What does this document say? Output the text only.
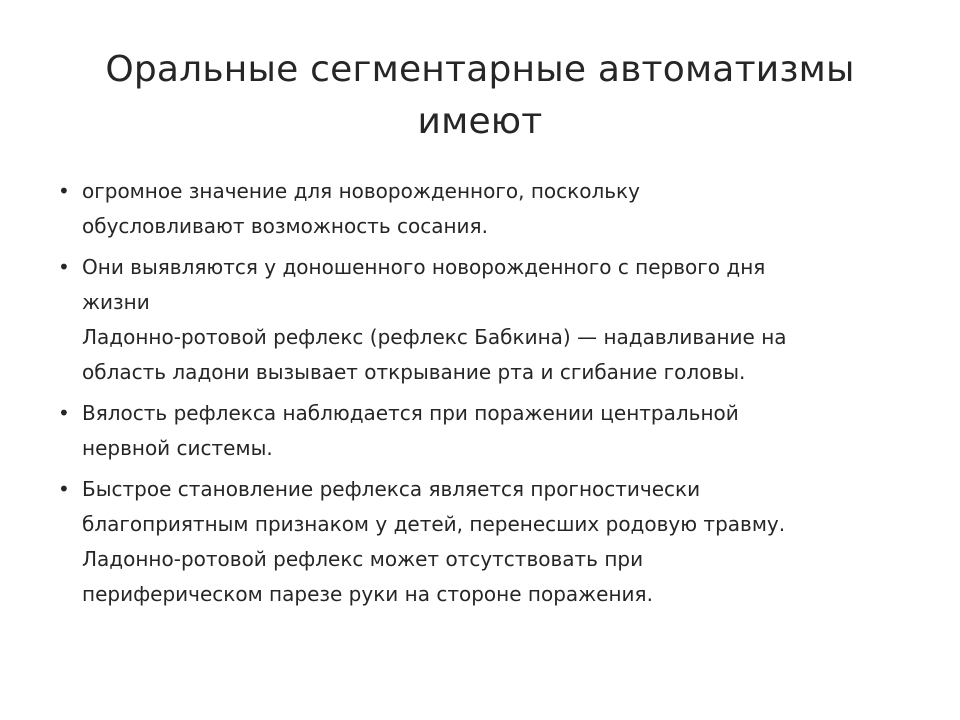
Оральные сегментарные автоматизмы
имеют
• огромное значение для новорожденного, поскольку
обусловливают возможность сосания.
• Они выявляются у доношенного новорожденного с первого дня
жизни
Ладонно-ротовой рефлекс (рефлекс Бабкина) — надавливание на
область ладони вызывает открывание рта и сгибание головы.
• Вялость рефлекса наблюдается при поражении центральной
нервной системы.
• Быстрое становление рефлекса является прогностически
благоприятным признаком у детей, перенесших родовую травму.
Ладонно-ротовой рефлекс может отсутствовать при
периферическом парезе руки на стороне поражения.
